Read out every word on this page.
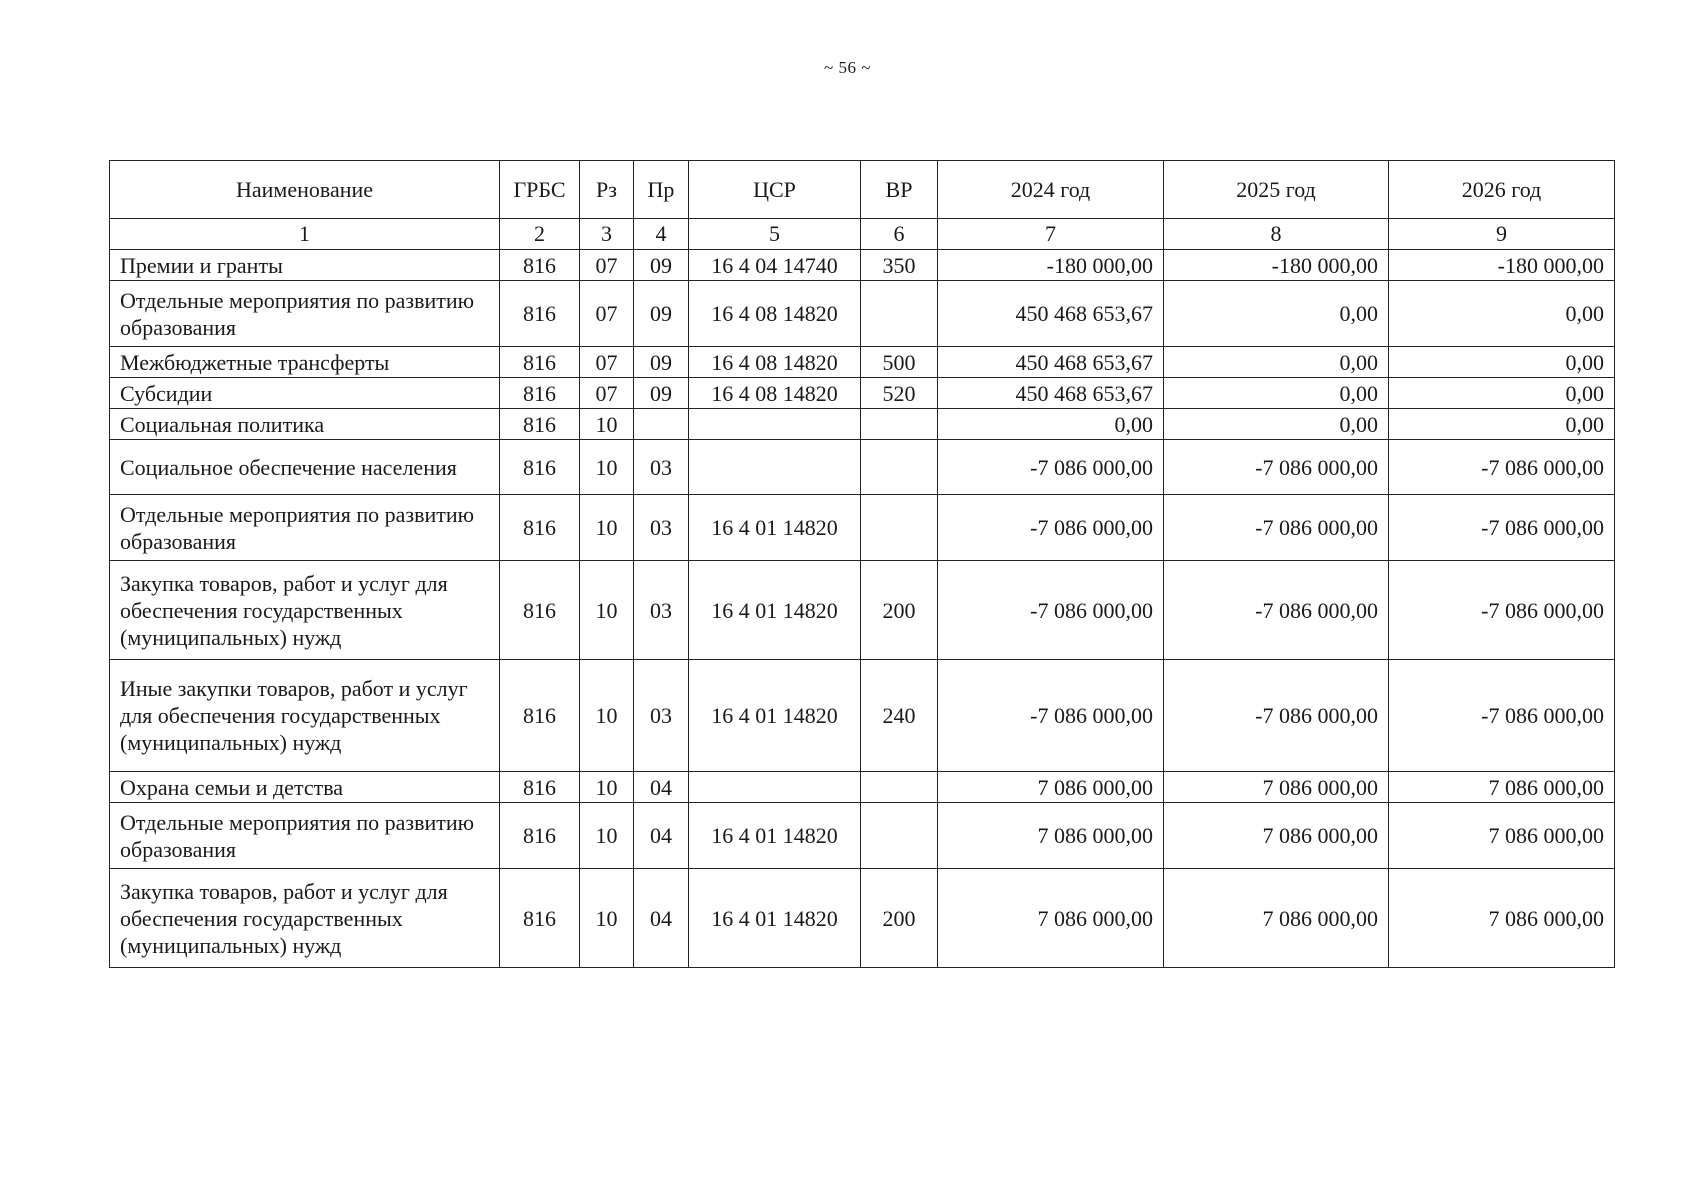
~ 56 ~
Наименование	ГРБС	Рз	Пр	ЦСР	ВР	2024 год	2025 год	2026 год
1	2	3	4	5	6	7	8	9
Премии и гранты	816	07	09	16 4 04 14740	350	-180 000,00	-180 000,00	-180 000,00
Отдельные мероприятия по развитию образования	816	07	09	16 4 08 14820		450 468 653,67	0,00	0,00
Межбюджетные трансферты	816	07	09	16 4 08 14820	500	450 468 653,67	0,00	0,00
Субсидии	816	07	09	16 4 08 14820	520	450 468 653,67	0,00	0,00
Социальная политика	816	10				0,00	0,00	0,00
Социальное обеспечение населения	816	10	03			-7 086 000,00	-7 086 000,00	-7 086 000,00
Отдельные мероприятия по развитию образования	816	10	03	16 4 01 14820		-7 086 000,00	-7 086 000,00	-7 086 000,00
Закупка товаров, работ и услуг для обеспечения государственных (муниципальных) нужд	816	10	03	16 4 01 14820	200	-7 086 000,00	-7 086 000,00	-7 086 000,00
Иные закупки товаров, работ и услуг для обеспечения государственных (муниципальных) нужд	816	10	03	16 4 01 14820	240	-7 086 000,00	-7 086 000,00	-7 086 000,00
Охрана семьи и детства	816	10	04			7 086 000,00	7 086 000,00	7 086 000,00
Отдельные мероприятия по развитию образования	816	10	04	16 4 01 14820		7 086 000,00	7 086 000,00	7 086 000,00
Закупка товаров, работ и услуг для обеспечения государственных (муниципальных) нужд	816	10	04	16 4 01 14820	200	7 086 000,00	7 086 000,00	7 086 000,00
